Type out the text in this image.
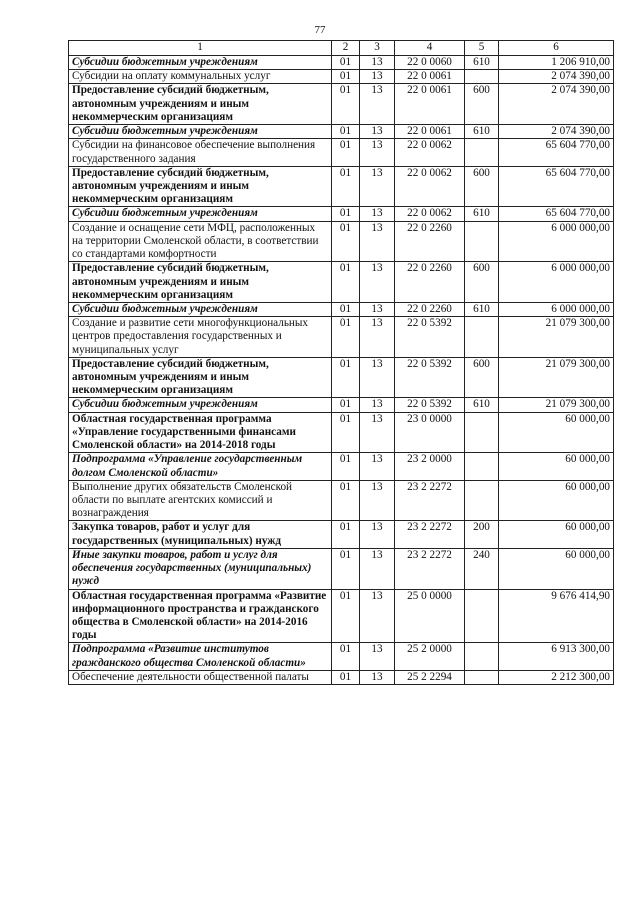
77
1	2	3	4	5	6
Субсидии бюджетным учреждениям	01	13	22 0 0060	610	1 206 910,00
Субсидии на оплату коммунальных услуг	01	13	22 0 0061		2 074 390,00
Предоставление субсидий бюджетным, автономным учреждениям и иным некоммерческим организациям	01	13	22 0 0061	600	2 074 390,00
Субсидии бюджетным учреждениям	01	13	22 0 0061	610	2 074 390,00
Субсидии на финансовое обеспечение выполнения государственного задания	01	13	22 0 0062		65 604 770,00
Предоставление субсидий бюджетным, автономным учреждениям и иным некоммерческим организациям	01	13	22 0 0062	600	65 604 770,00
Субсидии бюджетным учреждениям	01	13	22 0 0062	610	65 604 770,00
Создание и оснащение сети МФЦ, расположенных на территории Смоленской области, в соответствии со стандартами комфортности	01	13	22 0 2260		6 000 000,00
Предоставление субсидий бюджетным, автономным учреждениям и иным некоммерческим организациям	01	13	22 0 2260	600	6 000 000,00
Субсидии бюджетным учреждениям	01	13	22 0 2260	610	6 000 000,00
Создание и развитие сети многофункциональных центров предоставления государственных и муниципальных услуг	01	13	22 0 5392		21 079 300,00
Предоставление субсидий бюджетным, автономным учреждениям и иным некоммерческим организациям	01	13	22 0 5392	600	21 079 300,00
Субсидии бюджетным учреждениям	01	13	22 0 5392	610	21 079 300,00
Областная государственная программа «Управление государственными финансами Смоленской области» на 2014-2018 годы	01	13	23 0 0000		60 000,00
Подпрограмма «Управление государственным долгом Смоленской области»	01	13	23 2 0000		60 000,00
Выполнение других обязательств Смоленской области по выплате агентских комиссий и вознаграждения	01	13	23 2 2272		60 000,00
Закупка товаров, работ и услуг для государственных (муниципальных) нужд	01	13	23 2 2272	200	60 000,00
Иные закупки товаров, работ и услуг для обеспечения государственных (муниципальных) нужд	01	13	23 2 2272	240	60 000,00
Областная государственная программа «Развитие информационного пространства и гражданского общества в Смоленской области» на 2014-2016 годы	01	13	25 0 0000		9 676 414,90
Подпрограмма «Развитие институтов гражданского общества Смоленской области»	01	13	25 2 0000		6 913 300,00
Обеспечение деятельности общественной палаты	01	13	25 2 2294		2 212 300,00
